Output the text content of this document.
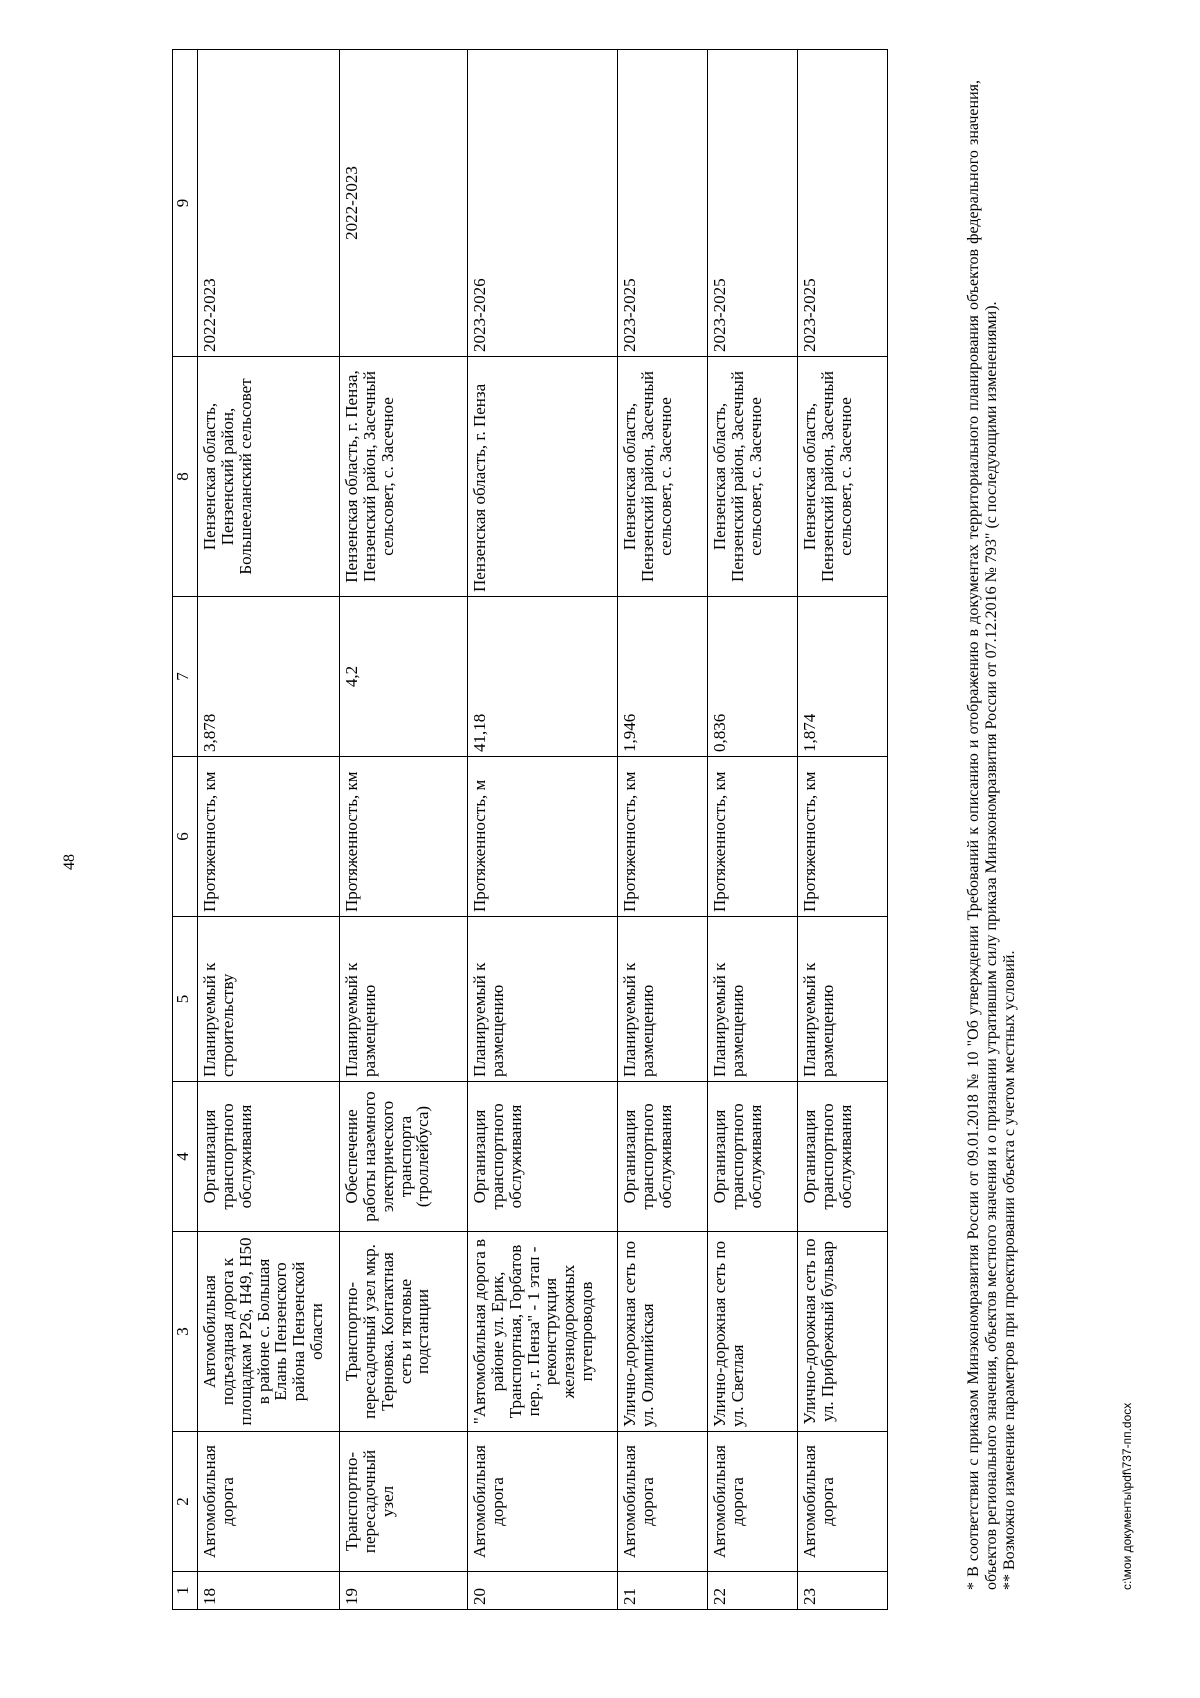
48
1	2	3	4	5	6	7	8	9
18	Автомобильная дорога	Автомобильная подъездная дорога к площадкам Р26, Н49, Н50 в районе с. Большая Елань Пензенского района Пензенской области	Организация транспортного обслуживания	Планируемый к строительству	Протяженность, км	3,878	Пензенская область, Пензенский район, Большееланский сельсовет	2022-2023
19	Транспортно-пересадочный узел	Транспортно-пересадочный узел мкр. Терновка. Контактная сеть и тяговые подстанции	Обеспечение работы наземного электрического транспорта (троллейбуса)	Планируемый к размещению	Протяженность, км	4,2	Пензенская область, г. Пенза, Пензенский район, Засечный сельсовет, с. Засечное	2022-2023
20	Автомобильная дорога	"Автомобильная дорога в районе ул. Ерик, Транспортная, Горбатов пер., г. Пенза" - 1 этап - реконструкция железнодорожных путепроводов	Организация транспортного обслуживания	Планируемый к размещению	Протяженность, м	41,18	Пензенская область, г. Пенза	2023-2026
21	Автомобильная дорога	Улично-дорожная сеть по ул. Олимпийская	Организация транспортного обслуживания	Планируемый к размещению	Протяженность, км	1,946	Пензенская область, Пензенский район, Засечный сельсовет, с. Засечное	2023-2025
22	Автомобильная дорога	Улично-дорожная сеть по ул. Светлая	Организация транспортного обслуживания	Планируемый к размещению	Протяженность, км	0,836	Пензенская область, Пензенский район, Засечный сельсовет, с. Засечное	2023-2025
23	Автомобильная дорога	Улично-дорожная сеть по ул. Прибрежный бульвар	Организация транспортного обслуживания	Планируемый к размещению	Протяженность, км	1,874	Пензенская область, Пензенский район, Засечный сельсовет, с. Засечное	2023-2025	* В соответствии с приказом Минэкономразвития России от 09.01.2018 № 10 "Об утверждении Требований к описанию и отображению в документах территориального планирования объектов федерального значения, объектов регионального значения, объектов местного значения и о признании утратившим силу приказа Минэкономразвития России от 07.12.2016 № 793" (с последующими изменениями). ** Возможно изменение параметров при проектировании объекта с учетом местных условий.	c:\мои документы\pdf\737-пп.docx
